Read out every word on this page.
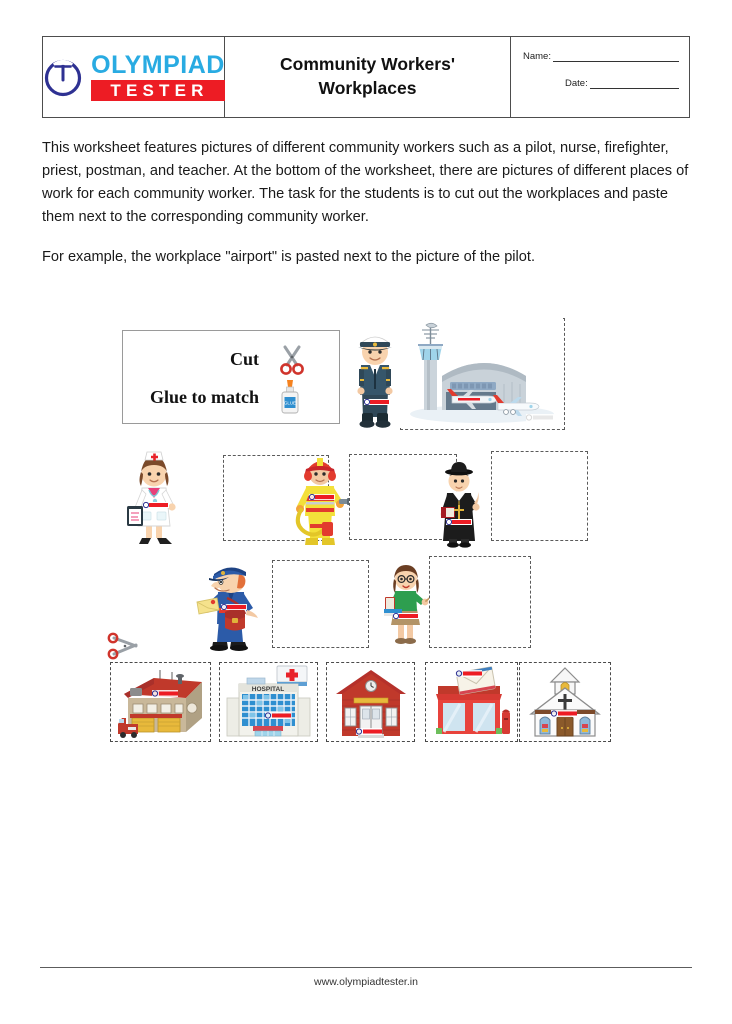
OLYMPIAD
TESTER
Community Workers' Workplaces
Name:
Date:

This worksheet features pictures of different community workers such as a pilot, nurse, firefighter, priest, postman, and teacher. At the bottom of the worksheet, there are pictures of different places of work for each community worker. The task for the students is to cut out the workplaces and paste them next to the corresponding community worker.

For example, the workplace "airport" is pasted next to the picture of the pilot.

Cut
Glue to match	GLUE
HOSPITAL
www.olympiadtester.in
